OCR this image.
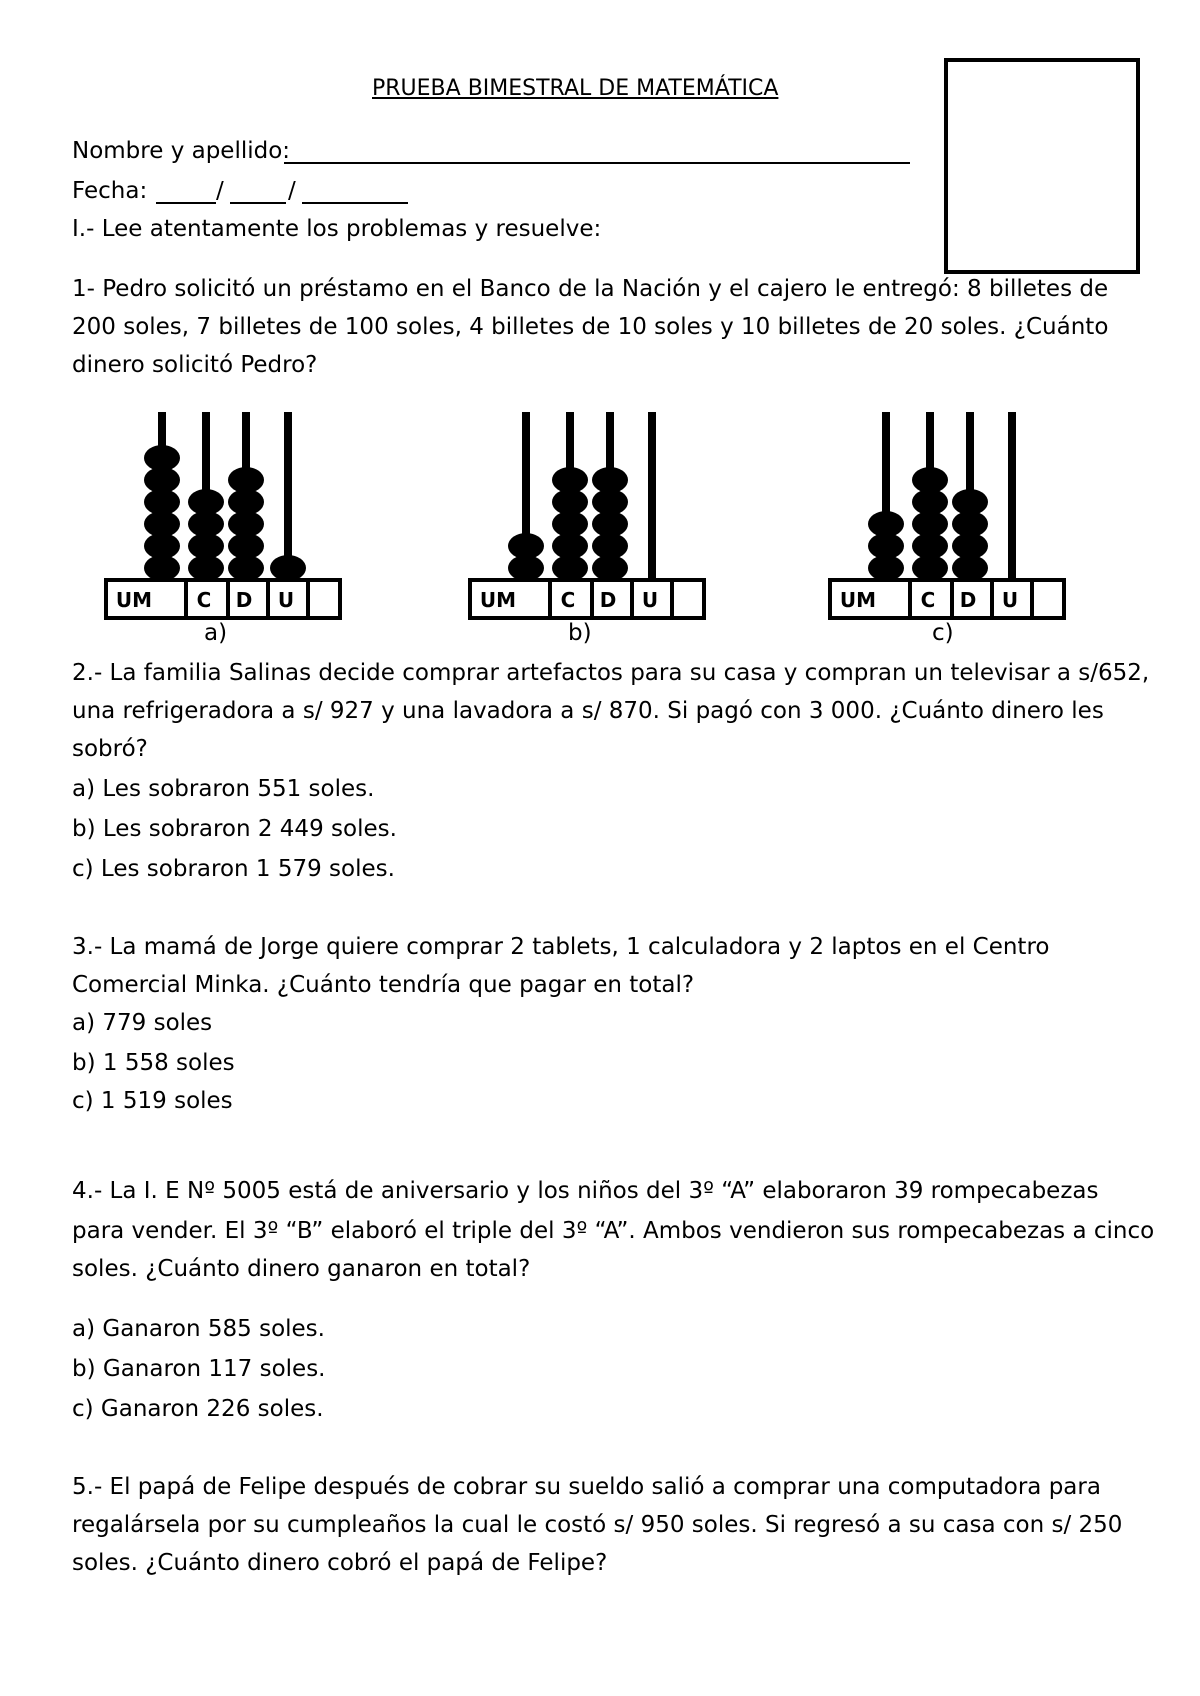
PRUEBA BIMESTRAL DE MATEMÁTICA
Nombre y apellido:
Fecha:	/	/
I.- Lee atentamente los problemas y resuelve:
1- Pedro solicitó un préstamo en el Banco de la Nación y el cajero le entregó: 8 billetes de
200 soles, 7 billetes de 100 soles, 4 billetes de 10 soles y 10 billetes de 20 soles. ¿Cuánto
dinero solicitó Pedro?
UM C D U	UM C D U	UM C D U
a)	b)	c)
2.- La familia Salinas decide comprar artefactos para su casa y compran un televisar a s/652,
una refrigeradora a s/ 927 y una lavadora a s/ 870. Si pagó con 3 000. ¿Cuánto dinero les
sobró?
a) Les sobraron 551 soles.
b) Les sobraron 2 449 soles.
c) Les sobraron 1 579 soles.
3.- La mamá de Jorge quiere comprar 2 tablets, 1 calculadora y 2 laptos en el Centro
Comercial Minka. ¿Cuánto tendría que pagar en total?
a) 779 soles
b) 1 558 soles
c) 1 519 soles
4.- La I. E Nº 5005 está de aniversario y los niños del 3º “A” elaboraron 39 rompecabezas
para vender. El 3º “B” elaboró el triple del 3º “A”. Ambos vendieron sus rompecabezas a cinco
soles. ¿Cuánto dinero ganaron en total?
a) Ganaron 585 soles.
b) Ganaron 117 soles.
c) Ganaron 226 soles.
5.- El papá de Felipe después de cobrar su sueldo salió a comprar una computadora para
regalársela por su cumpleaños la cual le costó s/ 950 soles. Si regresó a su casa con s/ 250
soles. ¿Cuánto dinero cobró el papá de Felipe?
